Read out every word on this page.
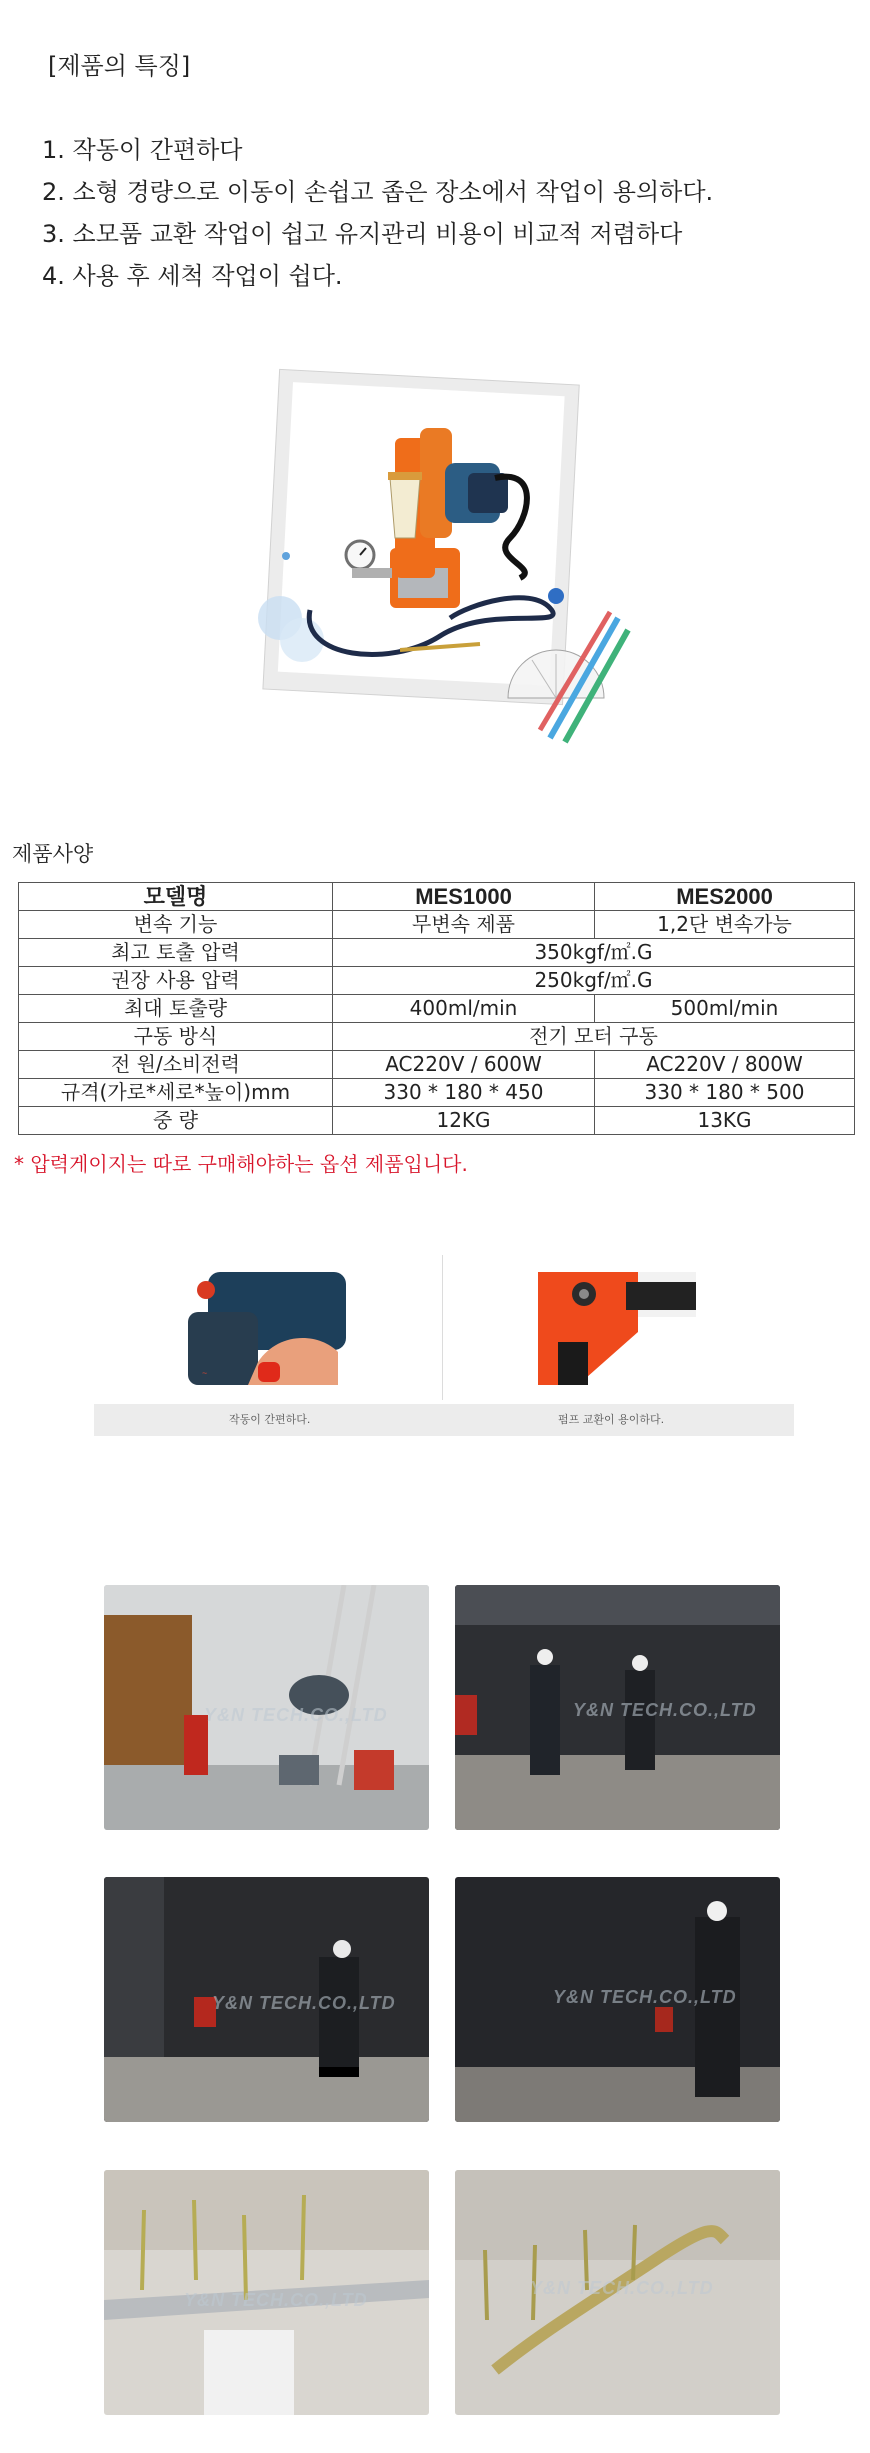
[제품의 특징]
1. 작동이 간편하다
2. 소형 경량으로 이동이 손쉽고 좁은 장소에서 작업이 용의하다.
3. 소모품 교환 작업이 쉽고 유지관리 비용이 비교적 저렴하다
4. 사용 후 세척 작업이 쉽다.
제품사양
모델명	MES1000	MES2000
변속 기능	무변속 제품	1,2단 변속가능
최고 토출 압력	350kgf/㎡.G	
권장 사용 압력	250kgf/㎡.G	
최대 토출량	400ml/min	500ml/min
구동 방식	전기 모터 구동	
전 원/소비전력	AC220V / 600W	AC220V / 800W
규격(가로*세로*높이)mm	330 * 180 * 450	330 * 180 * 500
중 량	12KG	13KG
* 압력게이지는 따로 구매해야하는 옵션 제품입니다.
~
작동이 간편하다.	펌프 교환이 용이하다.
Y&N TECH.CO.,LTD	Y&N TECH.CO.,LTD
Y&N TECH.CO.,LTD	Y&N TECH.CO.,LTD
Y&N TECH.CO.,LTD
Y&N TECH.CO.,LTD
